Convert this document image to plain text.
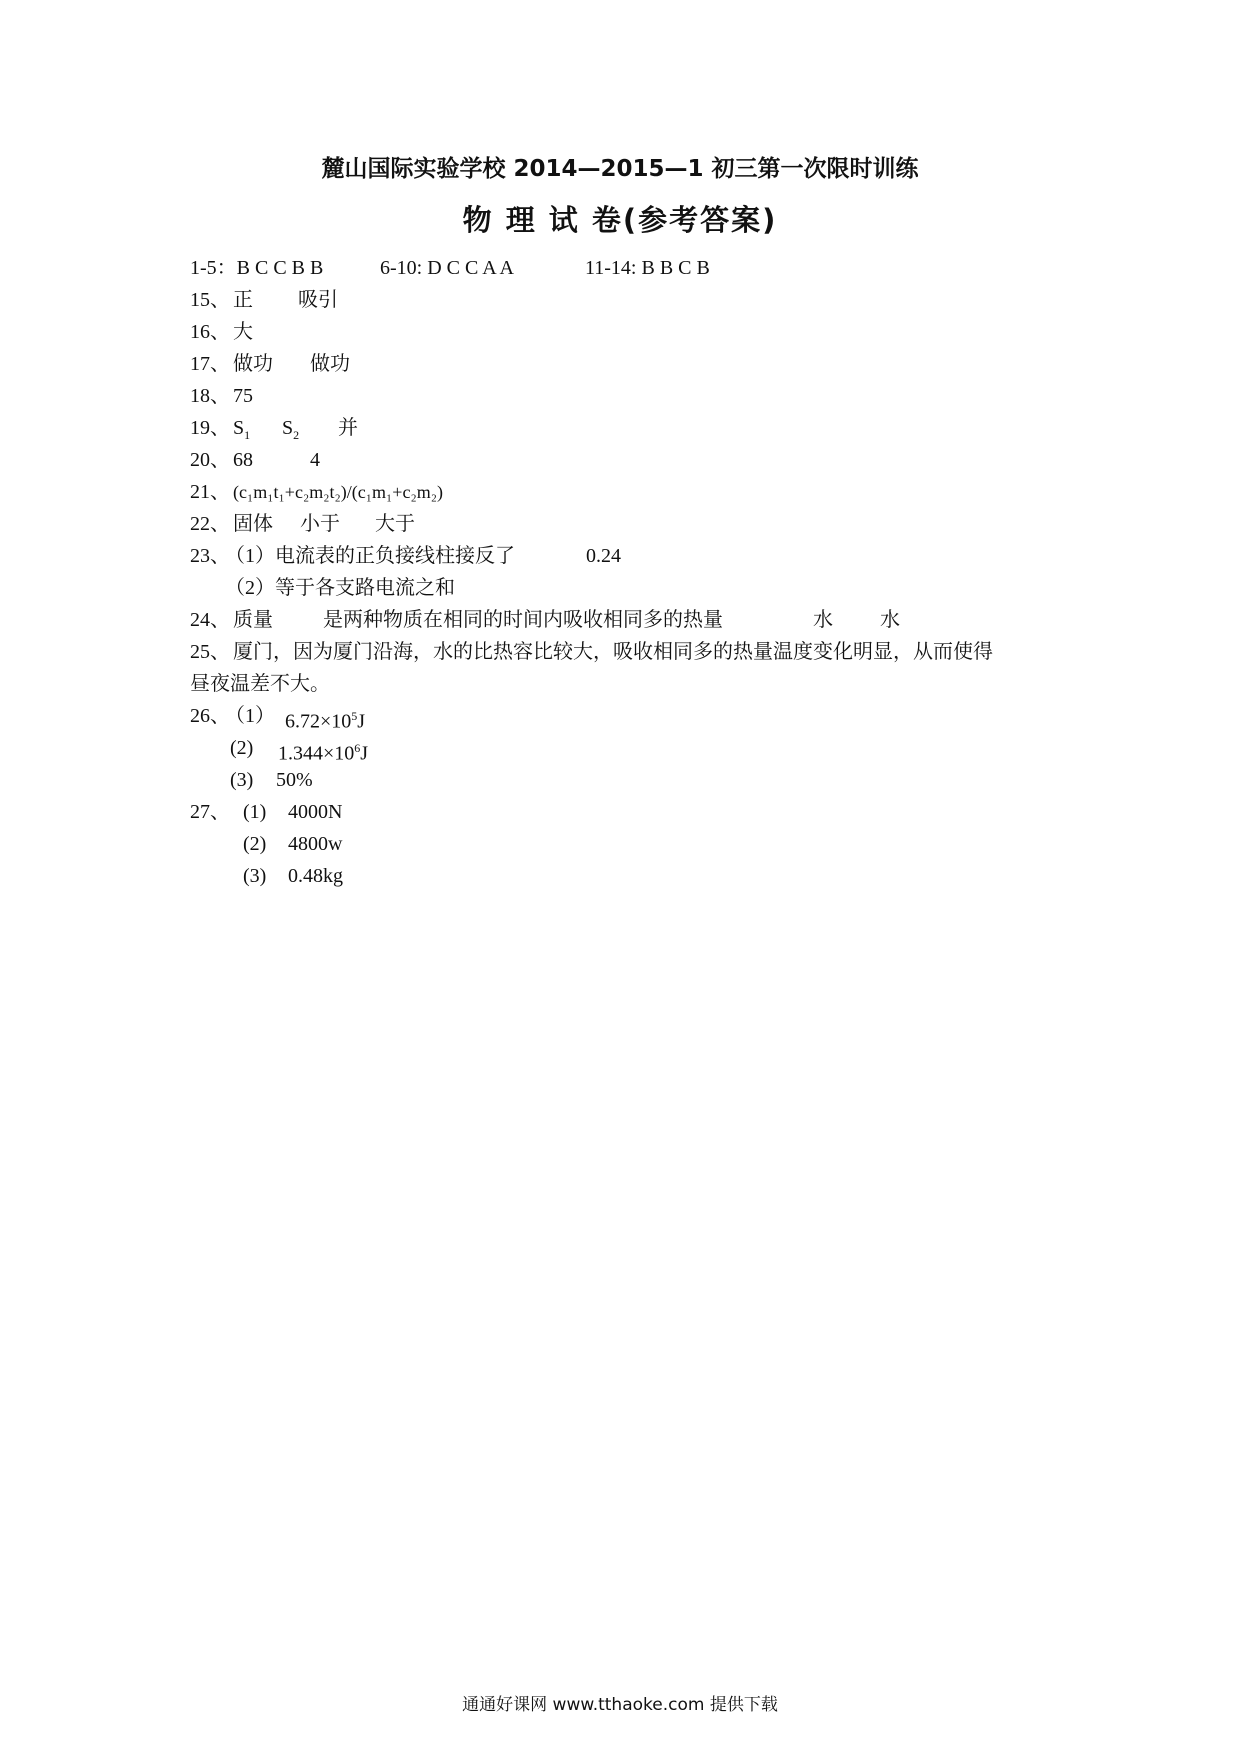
麓山国际实验学校 2014—2015—1 初三第一次限时训练
物 理 试 卷(参考答案)
1-5：B C C B B	6-10: D C C A A	11-14: B B C B
15、 正 吸引
16、 大
17、 做功 做功
18、 75
19、 $S_1$ $S_2$ 并
20、 68	4
21、 (c₁m₁t₁+c₂m₂t₂)/(c₁m₁+c₂m₂)
22、 固体 小于 大于
23、
（1）电流表的正负接线柱接反了	0.24
（2）等于各支路电流之和
24、 质量	是两种物质在相同的时间内吸收相同多的热量	水 水
25、 厦门，因为厦门沿海，水的比热容比较大，吸收相同多的热量温度变化明显，从而使得
昼夜温差不大。
26、
（1） $6.72\times 10^5J$
(2) $1.344\times 10^6J$
(3) 50%
27、 (1) 4000N
(2) 4800w
(3) 0.48kg
通通好课网 www.tthaoke.com 提供下载
